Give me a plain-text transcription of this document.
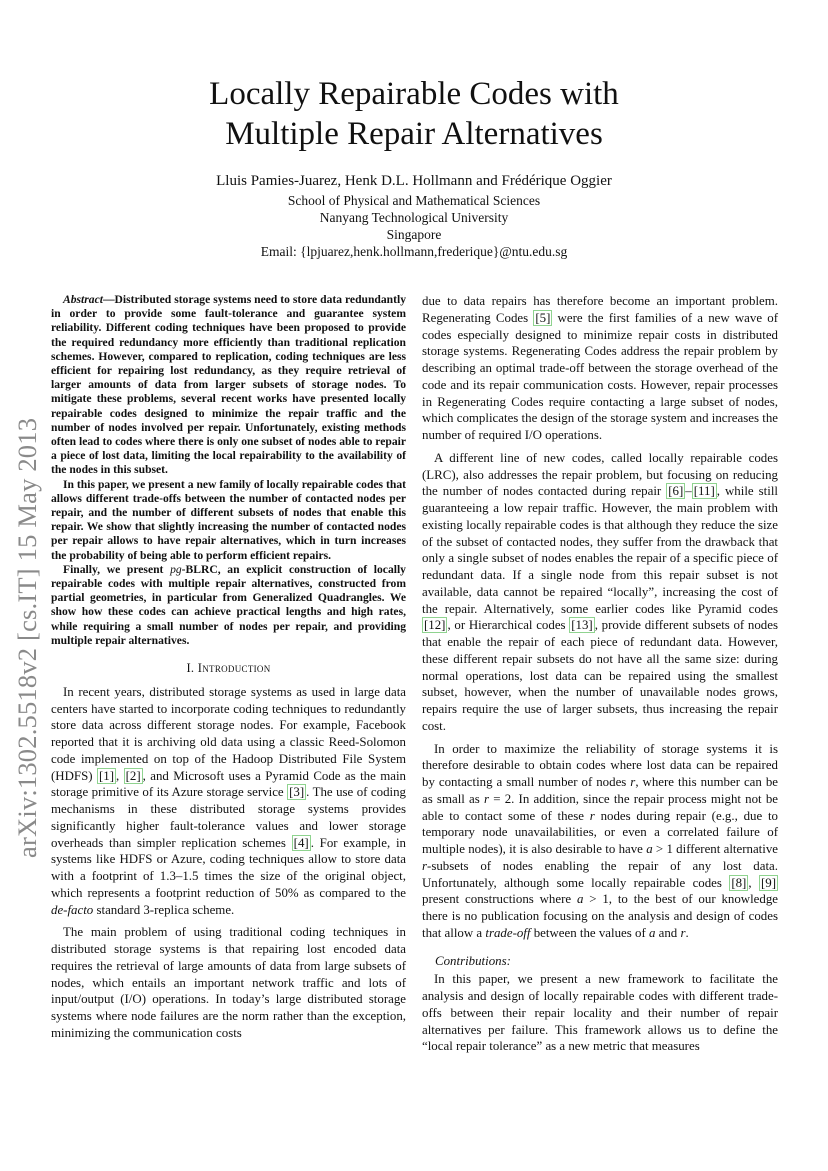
Locally Repairable Codes with
Multiple Repair Alternatives
Lluis Pamies-Juarez, Henk D.L. Hollmann and Frédérique Oggier
School of Physical and Mathematical Sciences
Nanyang Technological University
Singapore
Email: {lpjuarez,henk.hollmann,frederique}@ntu.edu.sg
arXiv:1302.5518v2 [cs.IT] 15 May 2013

Abstract—Distributed storage systems need to store data redundantly in order to provide some fault-tolerance and guarantee system reliability. Different coding techniques have been proposed to provide the required redundancy more efficiently than traditional replication schemes. However, compared to replication, coding techniques are less efficient for repairing lost redundancy, as they require retrieval of larger amounts of data from larger subsets of storage nodes. To mitigate these problems, several recent works have presented locally repairable codes designed to minimize the repair traffic and the number of nodes involved per repair. Unfortunately, existing methods often lead to codes where there is only one subset of nodes able to repair a piece of lost data, limiting the local repairability to the availability of the nodes in this subset.

In this paper, we present a new family of locally repairable codes that allows different trade-offs between the number of contacted nodes per repair, and the number of different subsets of nodes that enable this repair. We show that slightly increasing the number of contacted nodes per repair allows to have repair alternatives, which in turn increases the probability of being able to perform efficient repairs.

Finally, we present pg-BLRC, an explicit construction of locally repairable codes with multiple repair alternatives, constructed from partial geometries, in particular from Generalized Quadrangles. We show how these codes can achieve practical lengths and high rates, while requiring a small number of nodes per repair, and providing multiple repair alternatives.

I. Introduction

In recent years, distributed storage systems as used in large data centers have started to incorporate coding techniques to redundantly store data across different storage nodes. For example, Facebook reported that it is archiving old data using a classic Reed-Solomon code implemented on top of the Hadoop Distributed File System (HDFS) [1] , [2] , and Microsoft uses a Pyramid Code as the main storage primitive of its Azure storage service [3] . The use of coding mechanisms in these distributed storage systems provides significantly higher fault-tolerance values and lower storage overheads than simpler replication schemes [4] . For example, in systems like HDFS or Azure, coding techniques allow to store data with a footprint of 1.3–1.5 times the size of the original object, which represents a footprint reduction of 50% as compared to the de-facto standard 3-replica scheme.

The main problem of using traditional coding techniques in distributed storage systems is that repairing lost encoded data requires the retrieval of large amounts of data from large subsets of nodes, which entails an important network traffic and lots of input/output (I/O) operations. In today’s large distributed storage systems where node failures are the norm rather than the exception, minimizing the communication costs

due to data repairs has therefore become an important problem. Regenerating Codes [5] were the first families of a new wave of codes especially designed to minimize repair costs in distributed storage systems. Regenerating Codes address the repair problem by describing an optimal trade-off between the storage overhead of the code and its repair communication costs. However, repair processes in Regenerating Codes require contacting a large subset of nodes, which complicates the design of the storage system and increases the number of required I/O operations.

A different line of new codes, called locally repairable codes (LRC), also addresses the repair problem, but focusing on reducing the number of nodes contacted during repair [6] – [11] , while still guaranteeing a low repair traffic. However, the main problem with existing locally repairable codes is that although they reduce the size of the subset of contacted nodes, they suffer from the drawback that only a single subset of nodes enables the repair of a specific piece of redundant data. If a single node from this repair subset is not available, data cannot be repaired “locally”, increasing the cost of the repair. Alternatively, some earlier codes like Pyramid codes [12] , or Hierarchical codes [13] , provide different subsets of nodes that enable the repair of each piece of redundant data. However, these different repair subsets do not have all the same size: during normal operations, lost data can be repaired using the smallest subset, however, when the number of unavailable nodes grows, repairs require the use of larger subsets, thus increasing the repair cost.

In order to maximize the reliability of storage systems it is therefore desirable to obtain codes where lost data can be repaired by contacting a small number of nodes r, where this number can be as small as r = 2. In addition, since the repair process might not be able to contact some of these r nodes during repair (e.g., due to temporary node unavailabilities, or even a correlated failure of multiple nodes), it is also desirable to have a > 1 different alternative r-subsets of nodes enabling the repair of any lost data. Unfortunately, although some locally repairable codes [8] , [9] present constructions where a > 1, to the best of our knowledge there is no publication focusing on the analysis and design of codes that allow a trade-off between the values of a and r.

Contributions:

In this paper, we present a new framework to facilitate the analysis and design of locally repairable codes with different trade-offs between their repair locality and their number of repair alternatives per failure. This framework allows us to define the “local repair tolerance” as a new metric that measures
